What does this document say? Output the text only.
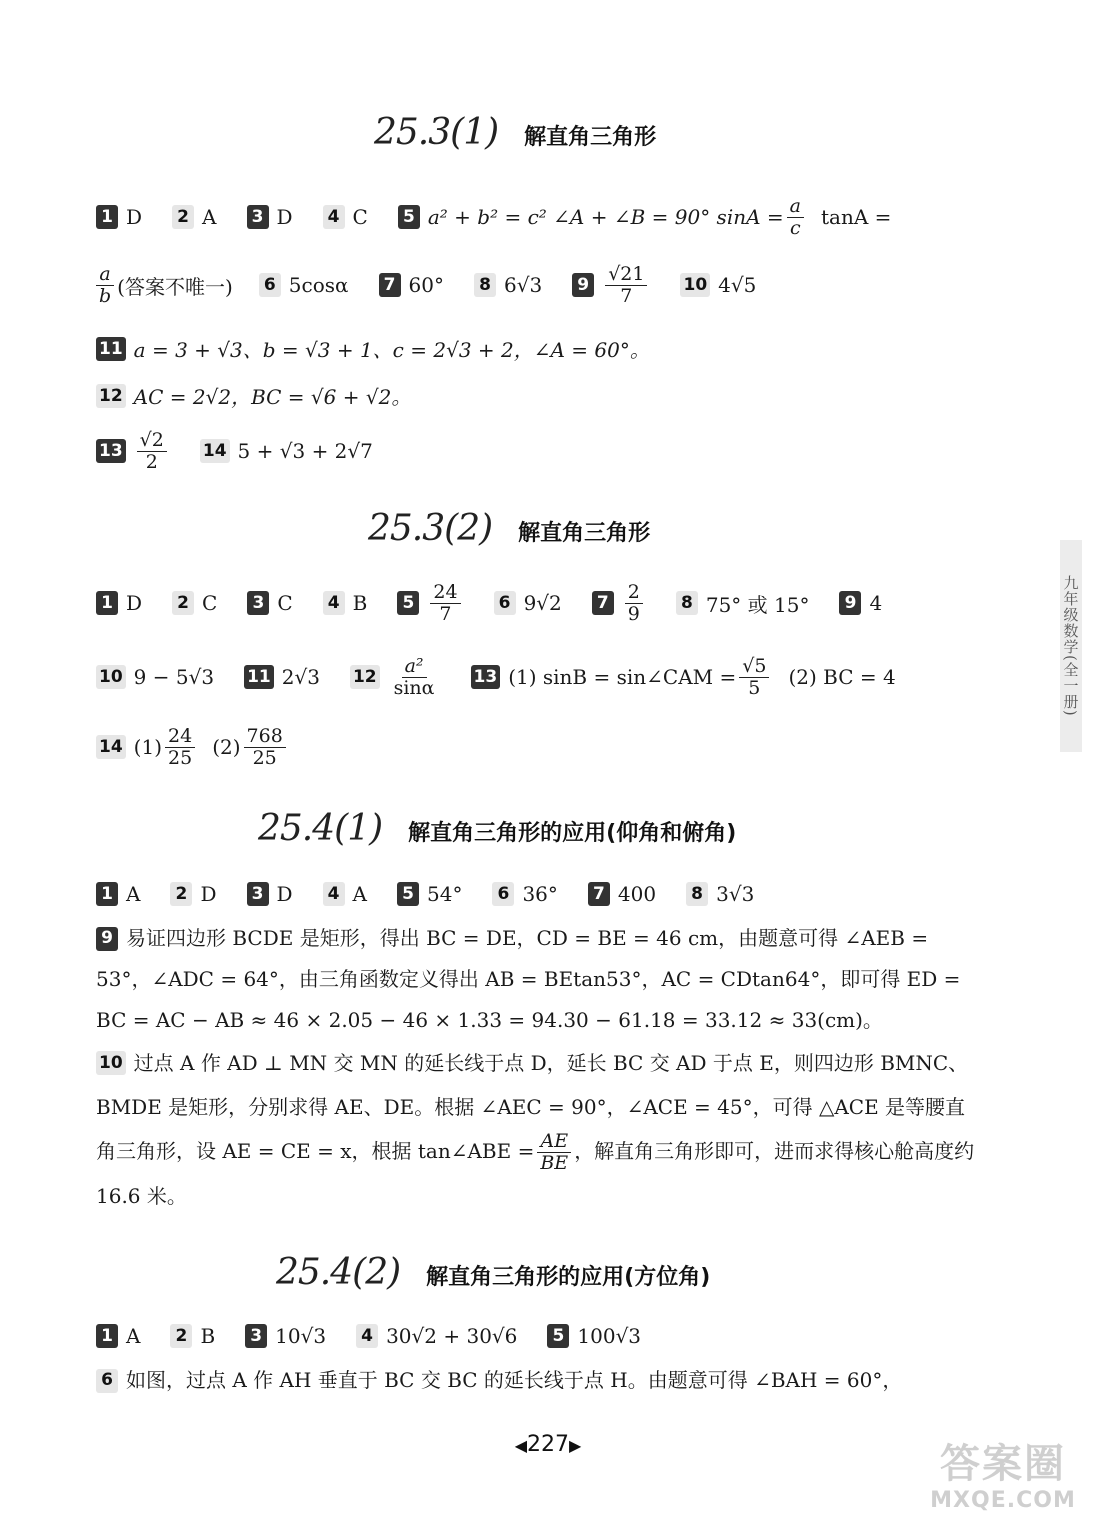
25.3(1) 解直角三角形
1 D 2 A 3 D 4 C 5 a² + b² = c² ∠A + ∠B = 90° $\sin A = \frac{a}{c}$ tanA =
$\frac{a}{b}$ (答案不唯一) 6 5cosα 7 60° 8 6√3 $9 \frac{√21}{7} 10$ 4√5
11 a = 3 + √3、b = √3 + 1、c = 2√3 + 2，∠A = 60°。
12 AC = 2√2，BC = √6 + √2。
$13 \frac{√2}{2} 14$ 5 + √3 + 2√7
25.3(2) 解直角三角形
1 D 2 C 3 C 4 B $5 \frac{24}{7} 6$ 9√2 $7 \frac{2}{9} 8$ 75° 或 15° 9 4
10 9 − 5√3 11 2√3 $12 \frac{\text{a²}}{\sin\alpha} 13$ (1) sinB = sin∠CAM = $\frac{√5}{5} (2)$ BC = 4
14 $(1) \frac{24}{25} (2) \frac{768}{25}$
25.4(1) 解直角三角形的应用(仰角和俯角)
1 A 2 D 3 D 4 A 5 54° 6 36° 7 400 8 3√3
9 易证四边形 BCDE 是矩形，得出 BC = DE，CD = BE = 46 cm，由题意可得 ∠AEB = 53°，∠ADC = 64°，由三角函数定义得出 AB = BEtan53°，AC = CDtan64°，即可得 ED = BC = AC − AB ≈ 46 × 2.05 − 46 × 1.33 = 94.30 − 61.18 = 33.12 ≈ 33(cm)。
10 过点 A 作 AD ⊥ MN 交 MN 的延长线于点 D，延长 BC 交 AD 于点 E，则四边形 BMNC、BMDE 是矩形，分别求得 AE、DE。根据 ∠AEC = 90°，∠ACE = 45°，可得 △ACE 是等腰直角三角形，设 AE = CE = x，根据 tan∠ABE = $\frac{AE}{BE}$ ，解直角三角形即可，进而求得核心舱高度约 16.6 米。
25.4(2) 解直角三角形的应用(方位角)
1 A 2 B 3 10√3 4 30√2 + 30√6 5 100√3
6 如图，过点 A 作 AH 垂直于 BC 交 BC 的延长线于点 H。由题意可得 ∠BAH = 60°，
九年级数学(全一册)
◀227▶	答案圈
MXQE.COM
